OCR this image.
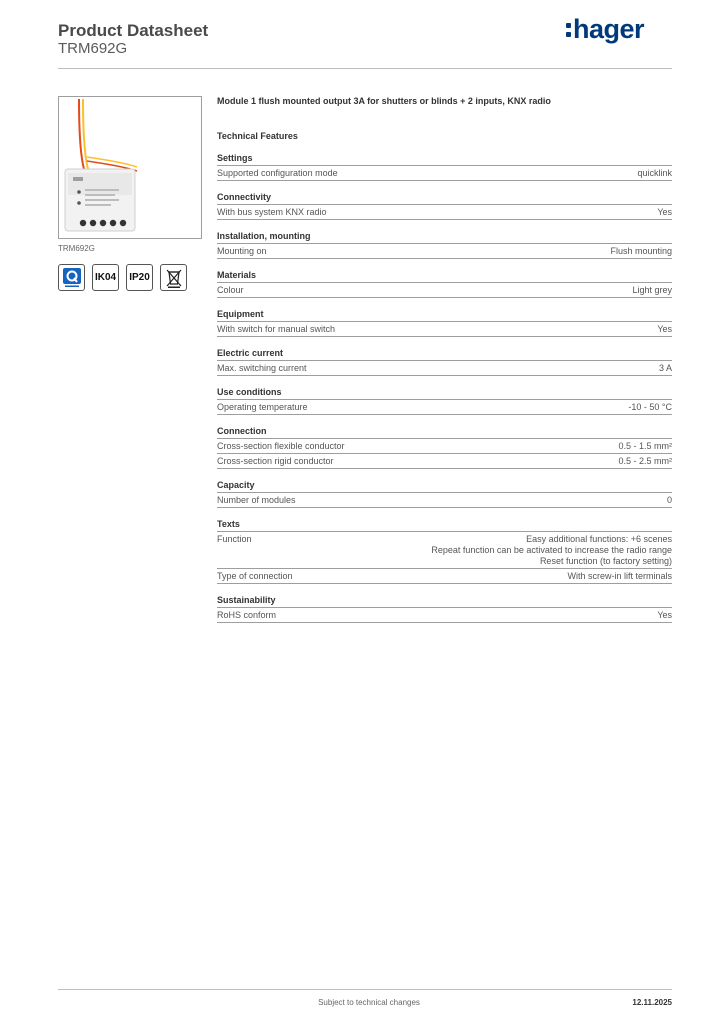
Product Datasheet
TRM692G
hager
TRM692G
IK04	IP20
Module 1 flush mounted output 3A for shutters or blinds + 2 inputs, KNX radio
Technical Features
Settings
Supported configuration mode	quicklink
Connectivity
With bus system KNX radio	Yes
Installation, mounting
Mounting on	Flush mounting
Materials
Colour	Light grey
Equipment
With switch for manual switch	Yes
Electric current
Max. switching current	3 A
Use conditions
Operating temperature	-10 - 50 °C
Connection
Cross-section flexible conductor	0.5 - 1.5 mm²
Cross-section rigid conductor	0.5 - 2.5 mm²
Capacity
Number of modules	0
Texts
Function	Easy additional functions: +6 scenes
Repeat function can be activated to increase the radio range
Reset function (to factory setting)
Type of connection	With screw-in lift terminals
Sustainability
RoHS conform	Yes
Subject to technical changes	12.11.2025
